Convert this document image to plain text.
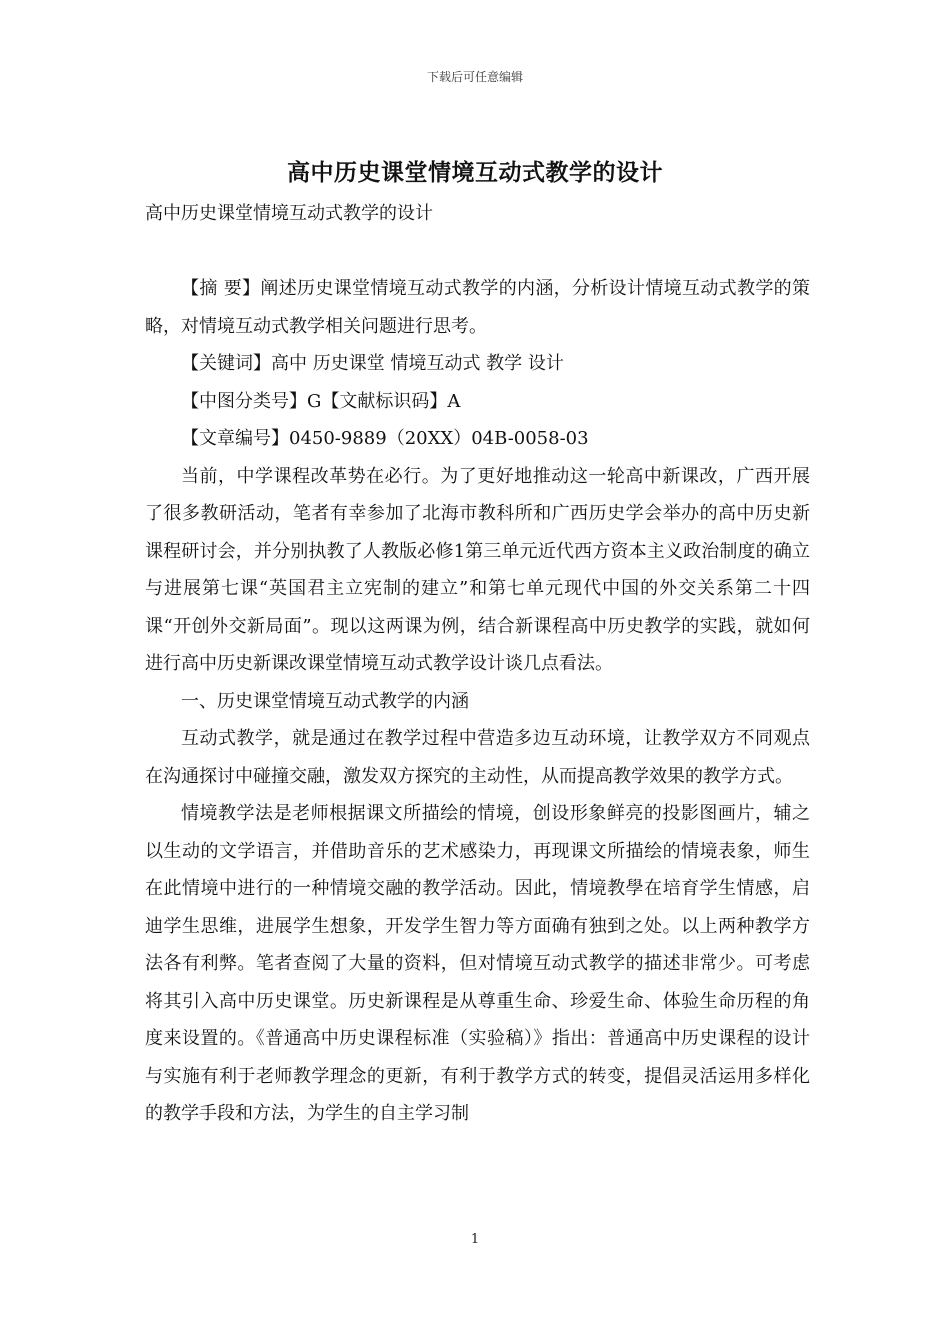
下载后可任意编辑
高中历史课堂情境互动式教学的设计
高中历史课堂情境互动式教学的设计

【摘 要】阐述历史课堂情境互动式教学的内涵，分析设计情境互动式教学的策略，对情境互动式教学相关问题进行思考。

【关键词】高中 历史课堂 情境互动式 教学 设计

【中图分类号】G【文献标识码】A

【文章编号】0450-9889（20XX）04B-0058-03

当前，中学课程改革势在必行。为了更好地推动这一轮高中新课改，广西开展了很多教研活动，笔者有幸参加了北海市教科所和广西历史学会举办的高中历史新课程研讨会，并分别执教了人教版必修1第三单元近代西方资本主义政治制度的确立与进展第七课“英国君主立宪制的建立”和第七单元现代中国的外交关系第二十四课“开创外交新局面”。现以这两课为例，结合新课程高中历史教学的实践，就如何进行高中历史新课改课堂情境互动式教学设计谈几点看法。

一、历史课堂情境互动式教学的内涵

互动式教学，就是通过在教学过程中营造多边互动环境，让教学双方不同观点在沟通探讨中碰撞交融，激发双方探究的主动性，从而提高教学效果的教学方式。

情境教学法是老师根据课文所描绘的情境，创设形象鲜亮的投影图画片，辅之以生动的文学语言，并借助音乐的艺术感染力，再现课文所描绘的情境表象，师生在此情境中进行的一种情境交融的教学活动。因此，情境教學在培育学生情感，启迪学生思维，进展学生想象，开发学生智力等方面确有独到之处。以上两种教学方法各有利弊。笔者查阅了大量的资料，但对情境互动式教学的描述非常少。可考虑将其引入高中历史课堂。历史新课程是从尊重生命、珍爱生命、体验生命历程的角度来设置的。《普通高中历史课程标准（实验稿）》指出：普通高中历史课程的设计与实施有利于老师教学理念的更新，有利于教学方式的转变，提倡灵活运用多样化的教学手段和方法，为学生的自主学习制

1
